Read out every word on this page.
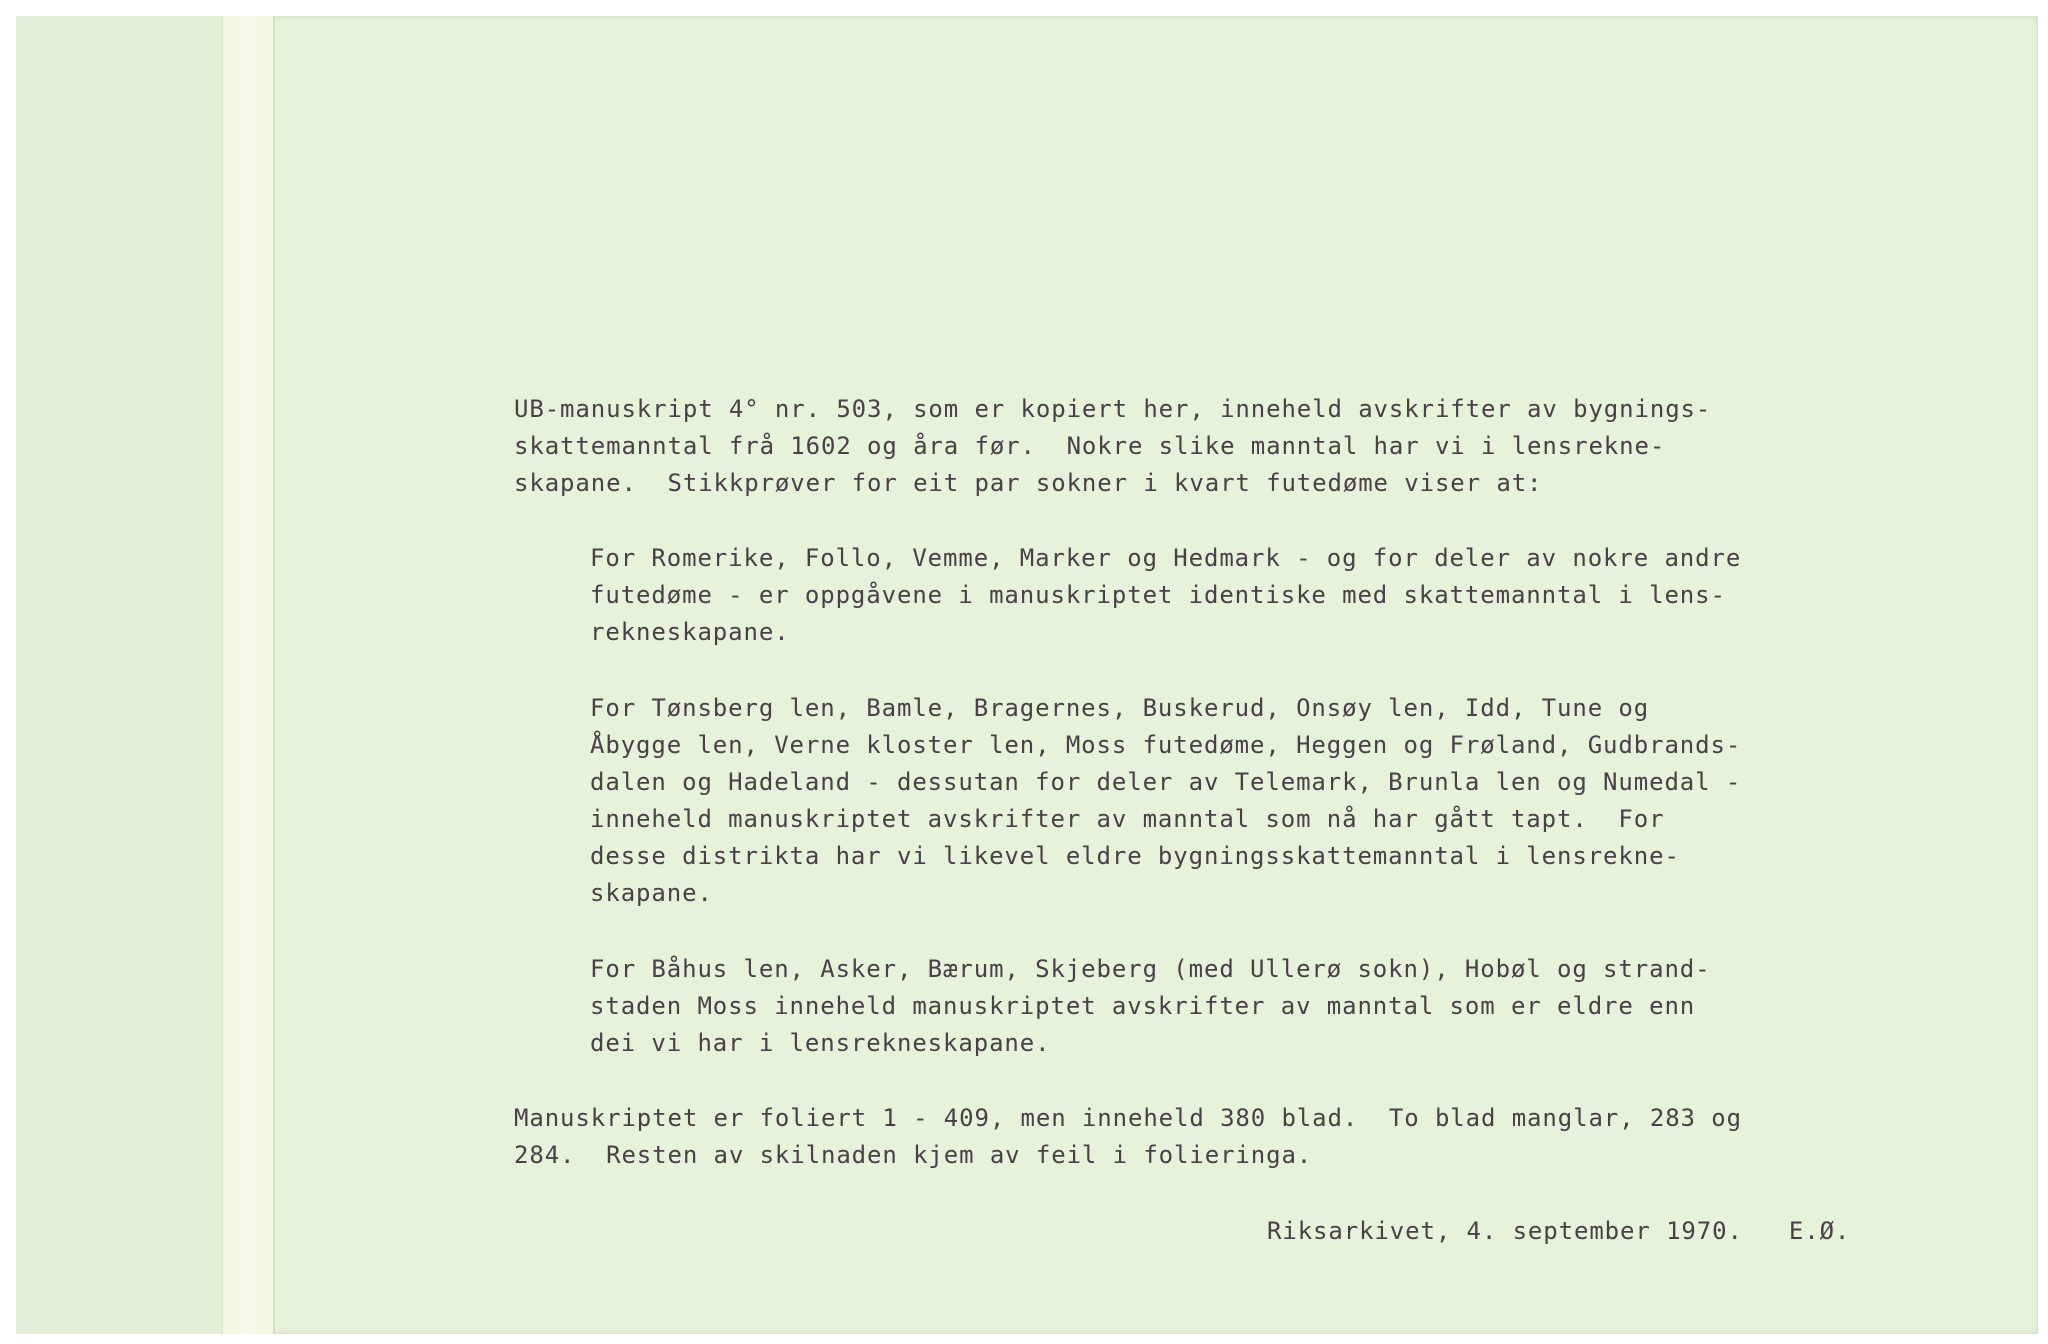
UB-manuskript 4° nr. 503, som er kopiert her, inneheld avskrifter av bygnings-

skattemanntal frå 1602 og åra før.  Nokre slike manntal har vi i lensrekne-

skapane.  Stikkprøver for eit par sokner i kvart futedøme viser at:

For Romerike, Follo, Vemme, Marker og Hedmark - og for deler av nokre andre

futedøme - er oppgåvene i manuskriptet identiske med skattemanntal i lens-

rekneskapane.

For Tønsberg len, Bamle, Bragernes, Buskerud, Onsøy len, Idd, Tune og

Åbygge len, Verne kloster len, Moss futedøme, Heggen og Frøland, Gudbrands-

dalen og Hadeland - dessutan for deler av Telemark, Brunla len og Numedal -

inneheld manuskriptet avskrifter av manntal som nå har gått tapt.  For

desse distrikta har vi likevel eldre bygningsskattemanntal i lensrekne-

skapane.

For Båhus len, Asker, Bærum, Skjeberg (med Ullerø sokn), Hobøl og strand-

staden Moss inneheld manuskriptet avskrifter av manntal som er eldre enn

dei vi har i lensrekneskapane.

Manuskriptet er foliert 1 - 409, men inneheld 380 blad.  To blad manglar, 283 og

284.  Resten av skilnaden kjem av feil i folieringa.

Riksarkivet, 4. september 1970.   E.Ø.
